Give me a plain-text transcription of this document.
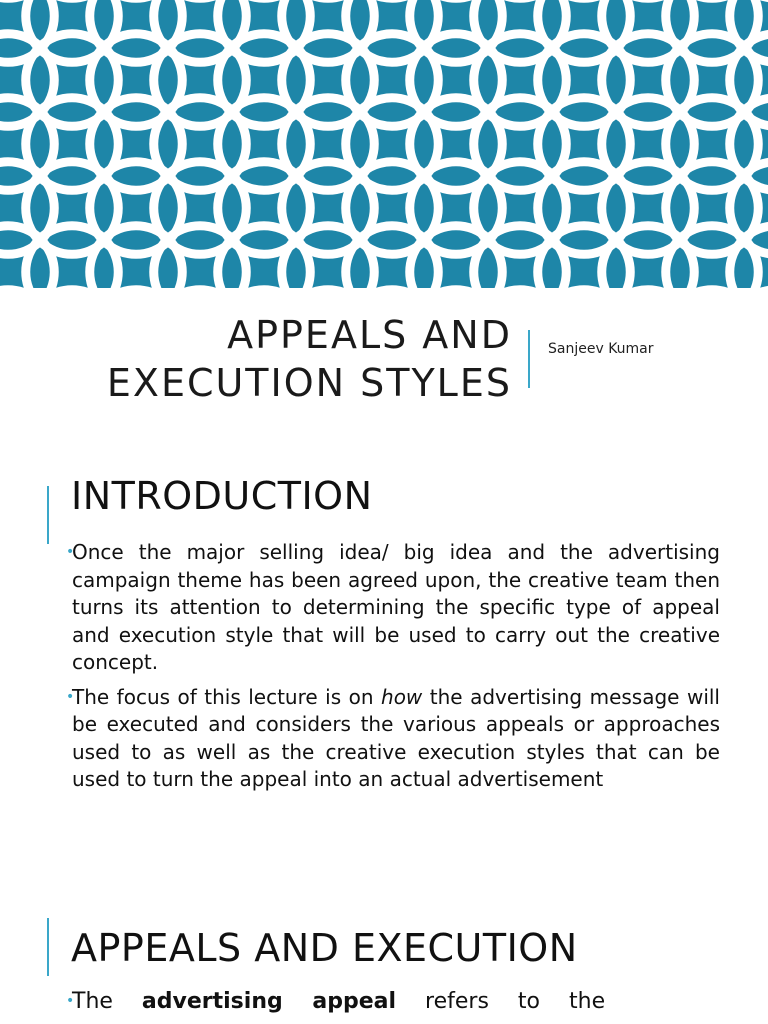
APPEALS AND
EXECUTION STYLES
Sanjeev Kumar
INTRODUCTION
•
Once the major selling idea/ big idea and the advertising campaign theme has been agreed upon, the creative team then turns its attention to determining the specific type of appeal and execution style that will be used to carry out the creative concept.
•
The focus of this lecture is on how the advertising message will be executed and considers the various appeals or approaches used to as well as the creative execution styles that can be used to turn the appeal into an actual advertisement
APPEALS AND EXECUTION
•
The advertising appeal refers to the
